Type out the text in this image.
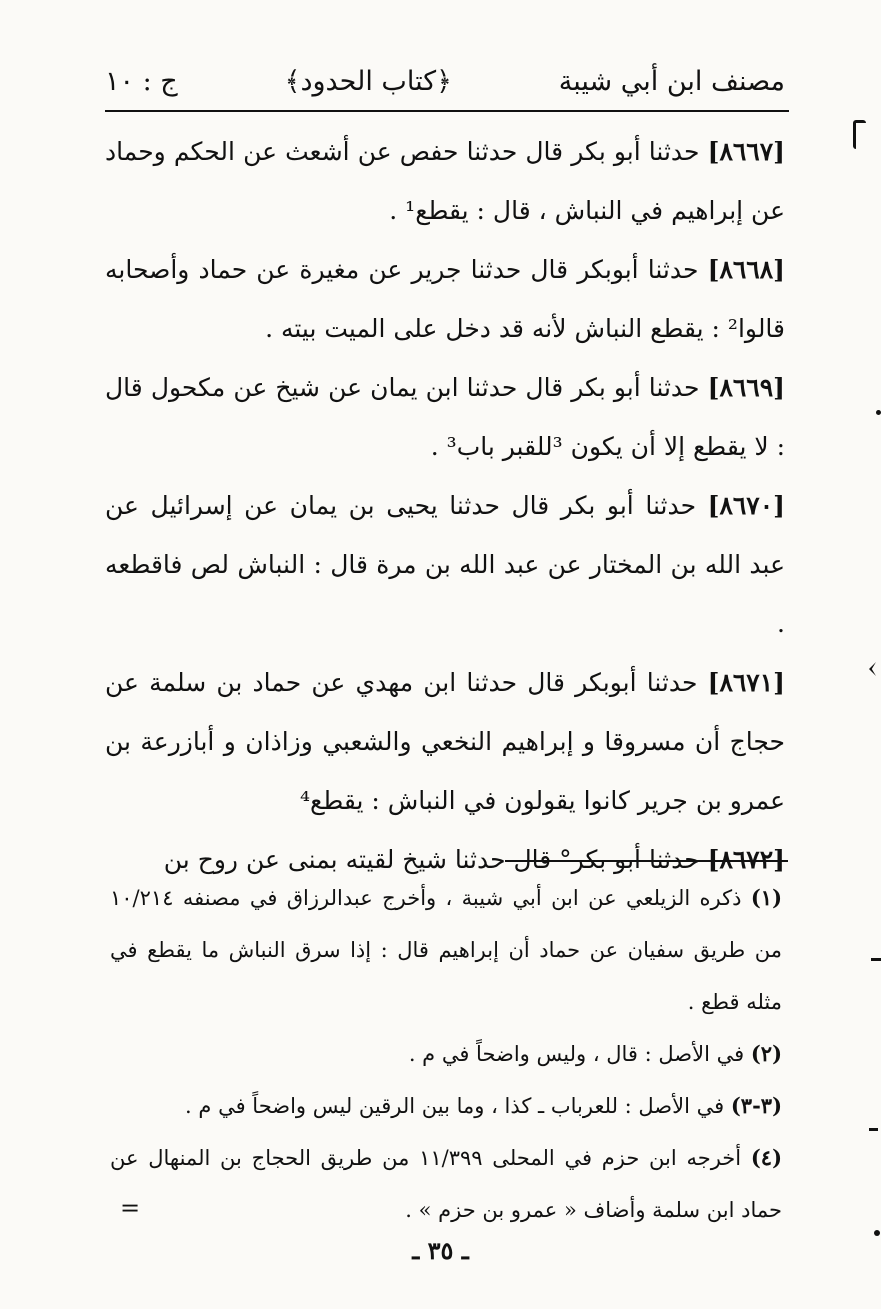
مصنف ابن أبي شيبة
﴿كتاب الحدود﴾
ج : ١٠

[٨٦٦٧] حدثنا أبو بكر قال حدثنا حفص عن أشعث عن الحكم وحماد عن إبراهيم في النباش ، قال : يقطع¹ .

[٨٦٦٨] حدثنا أبوبكر قال حدثنا جرير عن مغيرة عن حماد وأصحابه قالوا² : يقطع النباش لأنه قد دخل على الميت بيته .

[٨٦٦٩] حدثنا أبو بكر قال حدثنا ابن يمان عن شيخ عن مكحول قال : لا يقطع إلا أن يكون ³للقبر باب³ .

[٨٦٧٠] حدثنا أبو بكر قال حدثنا يحيى بن يمان عن إسرائيل عن عبد الله بن المختار عن عبد الله بن مرة قال : النباش لص فاقطعه .

[٨٦٧١] حدثنا أبوبكر قال حدثنا ابن مهدي عن حماد بن سلمة عن حجاج أن مسروقا و إبراهيم النخعي والشعبي وزاذان و أبازرعة بن عمرو بن جرير كانوا يقولون في النباش : يقطع⁴

[٨٦٧٢] حدثنا أبو بكر° قال حدثنا شيخ لقيته بمنى عن روح بن

(١) ذكره الزيلعي عن ابن أبي شيبة ، وأخرج عبدالرزاق في مصنفه ١٠/٢١٤ من طريق سفيان عن حماد أن إبراهيم قال : إذا سرق النباش ما يقطع في مثله قطع .

(٢) في الأصل : قال ، وليس واضحاً في م .

(٣-٣) في الأصل : للعرباب ـ كذا ، وما بين الرقين ليس واضحاً في م .

(٤) أخرجه ابن حزم في المحلى ١١/٣٩٩ من طريق الحجاج بن المنهال عن حماد ابن سلمة وأضاف « عمرو بن حزم » .

=
ـ ٣٥ ـ
